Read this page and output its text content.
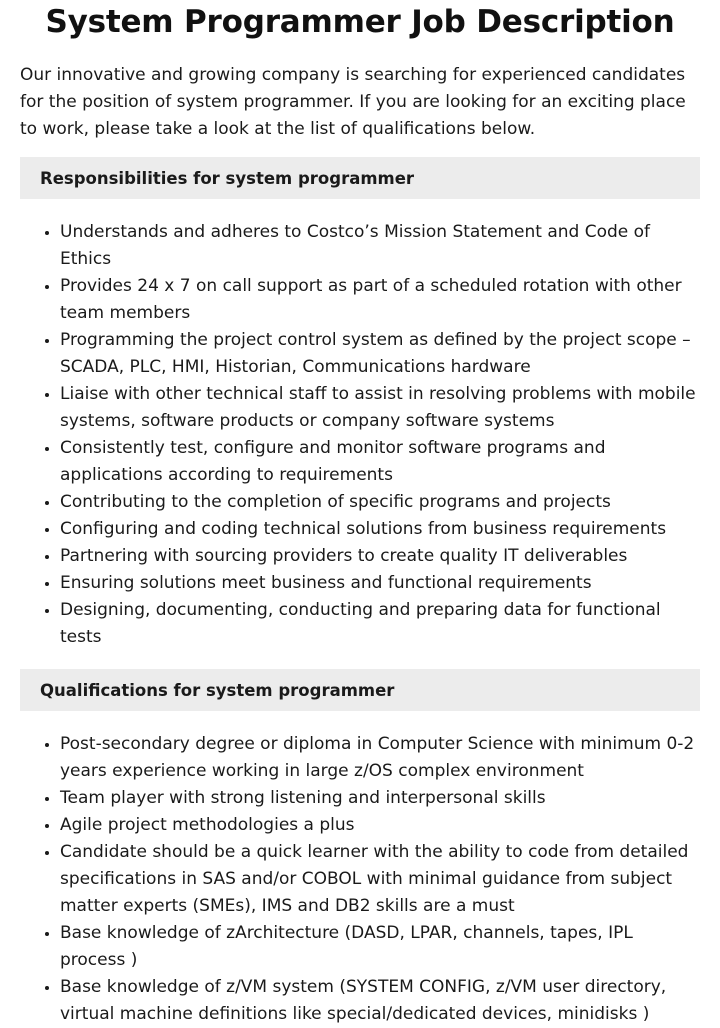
System Programmer Job Description

Our innovative and growing company is searching for experienced candidates for the position of system programmer. If you are looking for an exciting place to work, please take a look at the list of qualifications below.

Responsibilities for system programmer
• Understands and adheres to Costco’s Mission Statement and Code of Ethics
• Provides 24 x 7 on call support as part of a scheduled rotation with other team members
• Programming the project control system as defined by the project scope – SCADA, PLC, HMI, Historian, Communications hardware
• Liaise with other technical staff to assist in resolving problems with mobile systems, software products or company software systems
• Consistently test, configure and monitor software programs and applications according to requirements
• Contributing to the completion of specific programs and projects
• Configuring and coding technical solutions from business requirements
• Partnering with sourcing providers to create quality IT deliverables
• Ensuring solutions meet business and functional requirements
• Designing, documenting, conducting and preparing data for functional tests
Qualifications for system programmer
• Post-secondary degree or diploma in Computer Science with minimum 0-2 years experience working in large z/OS complex environment
• Team player with strong listening and interpersonal skills
• Agile project methodologies a plus
• Candidate should be a quick learner with the ability to code from detailed specifications in SAS and/or COBOL with minimal guidance from subject matter experts (SMEs), IMS and DB2 skills are a must
• Base knowledge of zArchitecture (DASD, LPAR, channels, tapes, IPL process )
• Base knowledge of z/VM system (SYSTEM CONFIG, z/VM user directory, virtual machine definitions like special/dedicated devices, minidisks )
